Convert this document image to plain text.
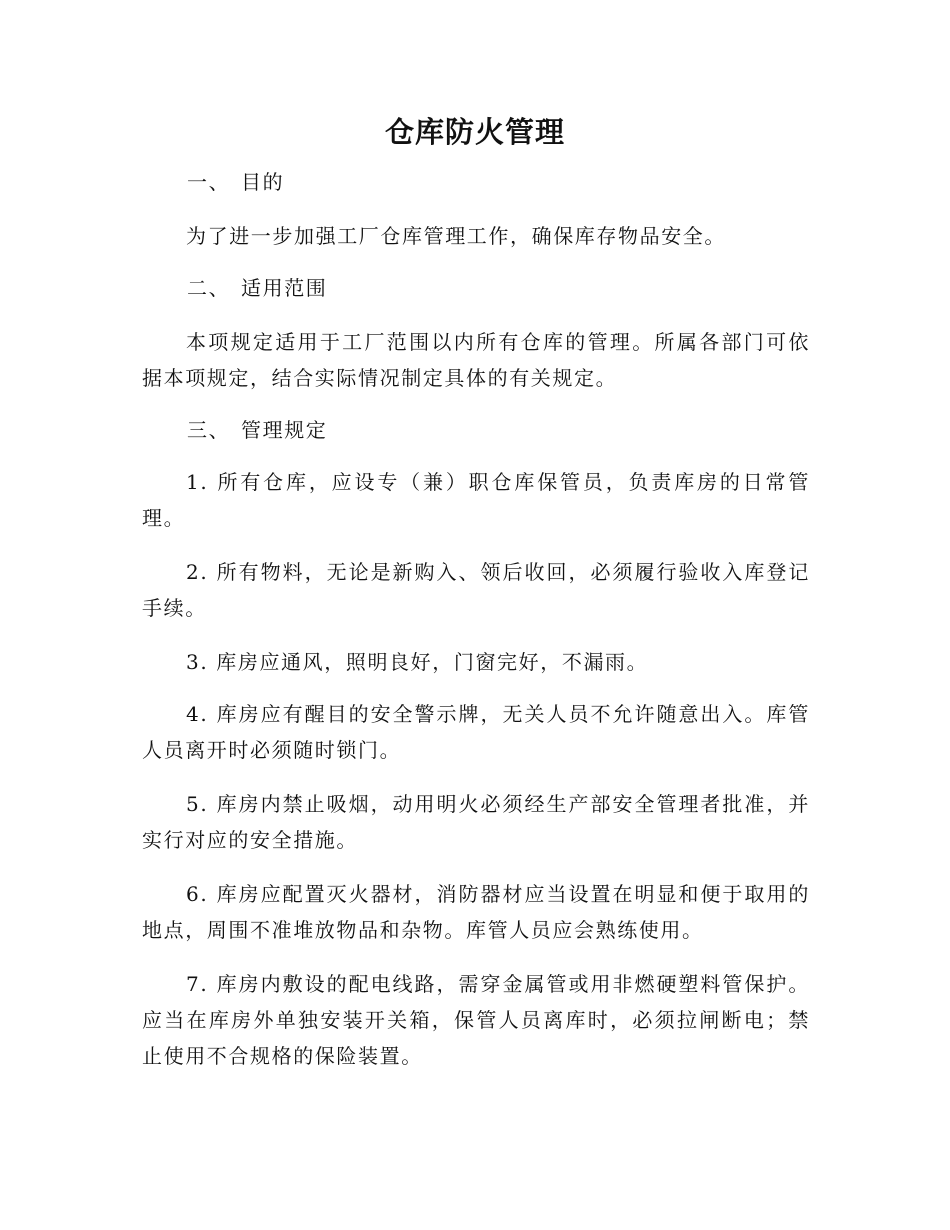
仓库防火管理
一、 目的
为了进一步加强工厂仓库管理工作，确保库存物品安全。
二、 适用范围
本项规定适用于工厂范围以内所有仓库的管理。所属各部门可依据本项规定，结合实际情况制定具体的有关规定。
三、 管理规定
1. 所有仓库，应设专（兼）职仓库保管员，负责库房的日常管理。
2. 所有物料，无论是新购入、领后收回，必须履行验收入库登记手续。
3. 库房应通风，照明良好，门窗完好，不漏雨。
4. 库房应有醒目的安全警示牌，无关人员不允许随意出入。库管人员离开时必须随时锁门。
5. 库房内禁止吸烟，动用明火必须经生产部安全管理者批准，并实行对应的安全措施。
6. 库房应配置灭火器材，消防器材应当设置在明显和便于取用的地点，周围不准堆放物品和杂物。库管人员应会熟练使用。
7. 库房内敷设的配电线路，需穿金属管或用非燃硬塑料管保护。应当在库房外单独安装开关箱，保管人员离库时，必须拉闸断电；禁止使用不合规格的保险装置。
